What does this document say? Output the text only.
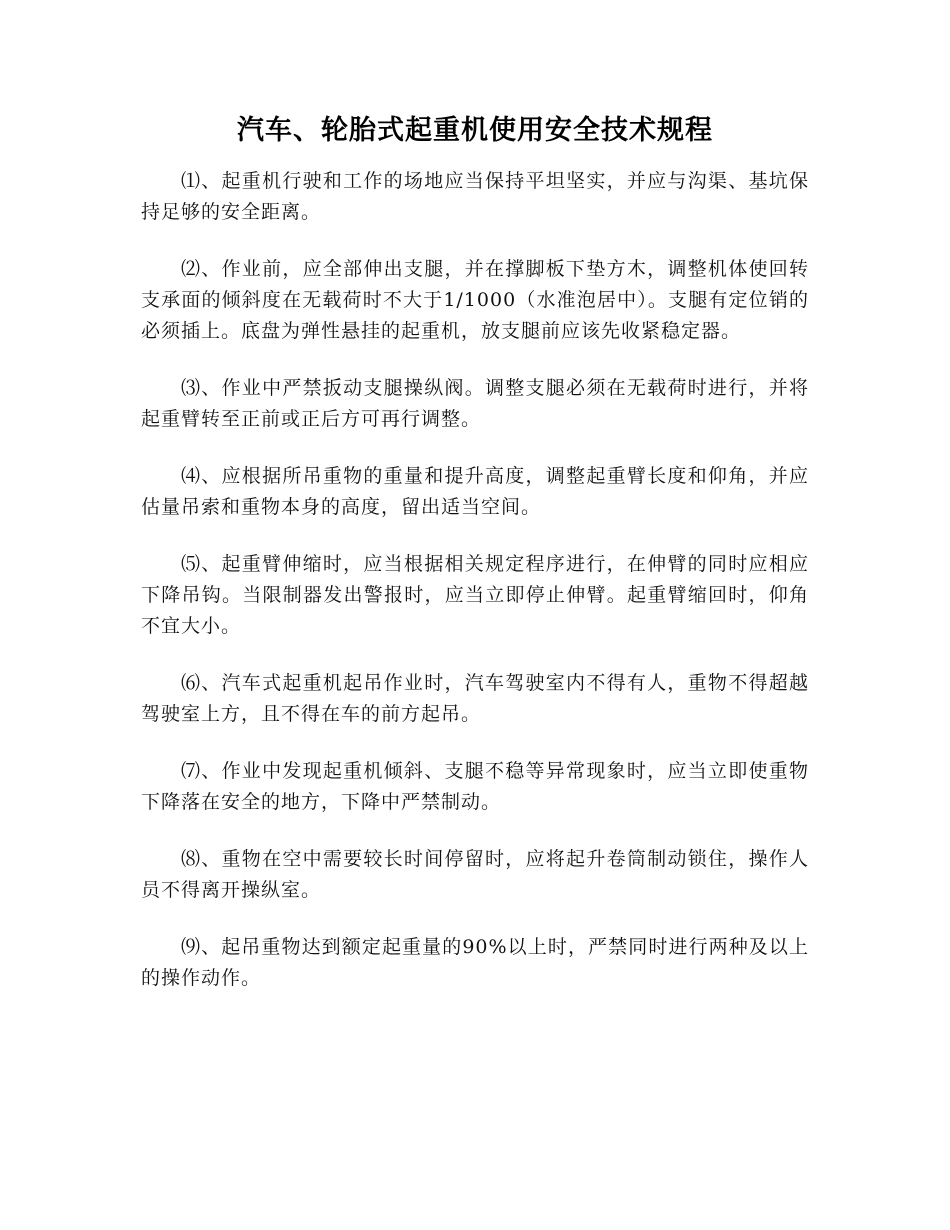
汽车、轮胎式起重机使用安全技术规程

⑴、起重机行驶和工作的场地应当保持平坦坚实，并应与沟渠、基坑保持足够的安全距离。

⑵、作业前，应全部伸出支腿，并在撑脚板下垫方木，调整机体使回转支承面的倾斜度在无载荷时不大于1/1000（水准泡居中）。支腿有定位销的必须插上。底盘为弹性悬挂的起重机，放支腿前应该先收紧稳定器。

⑶、作业中严禁扳动支腿操纵阀。调整支腿必须在无载荷时进行，并将起重臂转至正前或正后方可再行调整。

⑷、应根据所吊重物的重量和提升高度，调整起重臂长度和仰角，并应估量吊索和重物本身的高度，留出适当空间。

⑸、起重臂伸缩时，应当根据相关规定程序进行，在伸臂的同时应相应下降吊钩。当限制器发出警报时，应当立即停止伸臂。起重臂缩回时，仰角不宜大小。

⑹、汽车式起重机起吊作业时，汽车驾驶室内不得有人，重物不得超越驾驶室上方，且不得在车的前方起吊。

⑺、作业中发现起重机倾斜、支腿不稳等异常现象时，应当立即使重物下降落在安全的地方，下降中严禁制动。

⑻、重物在空中需要较长时间停留时，应将起升卷筒制动锁住，操作人员不得离开操纵室。

⑼、起吊重物达到额定起重量的90%以上时，严禁同时进行两种及以上的操作动作。
